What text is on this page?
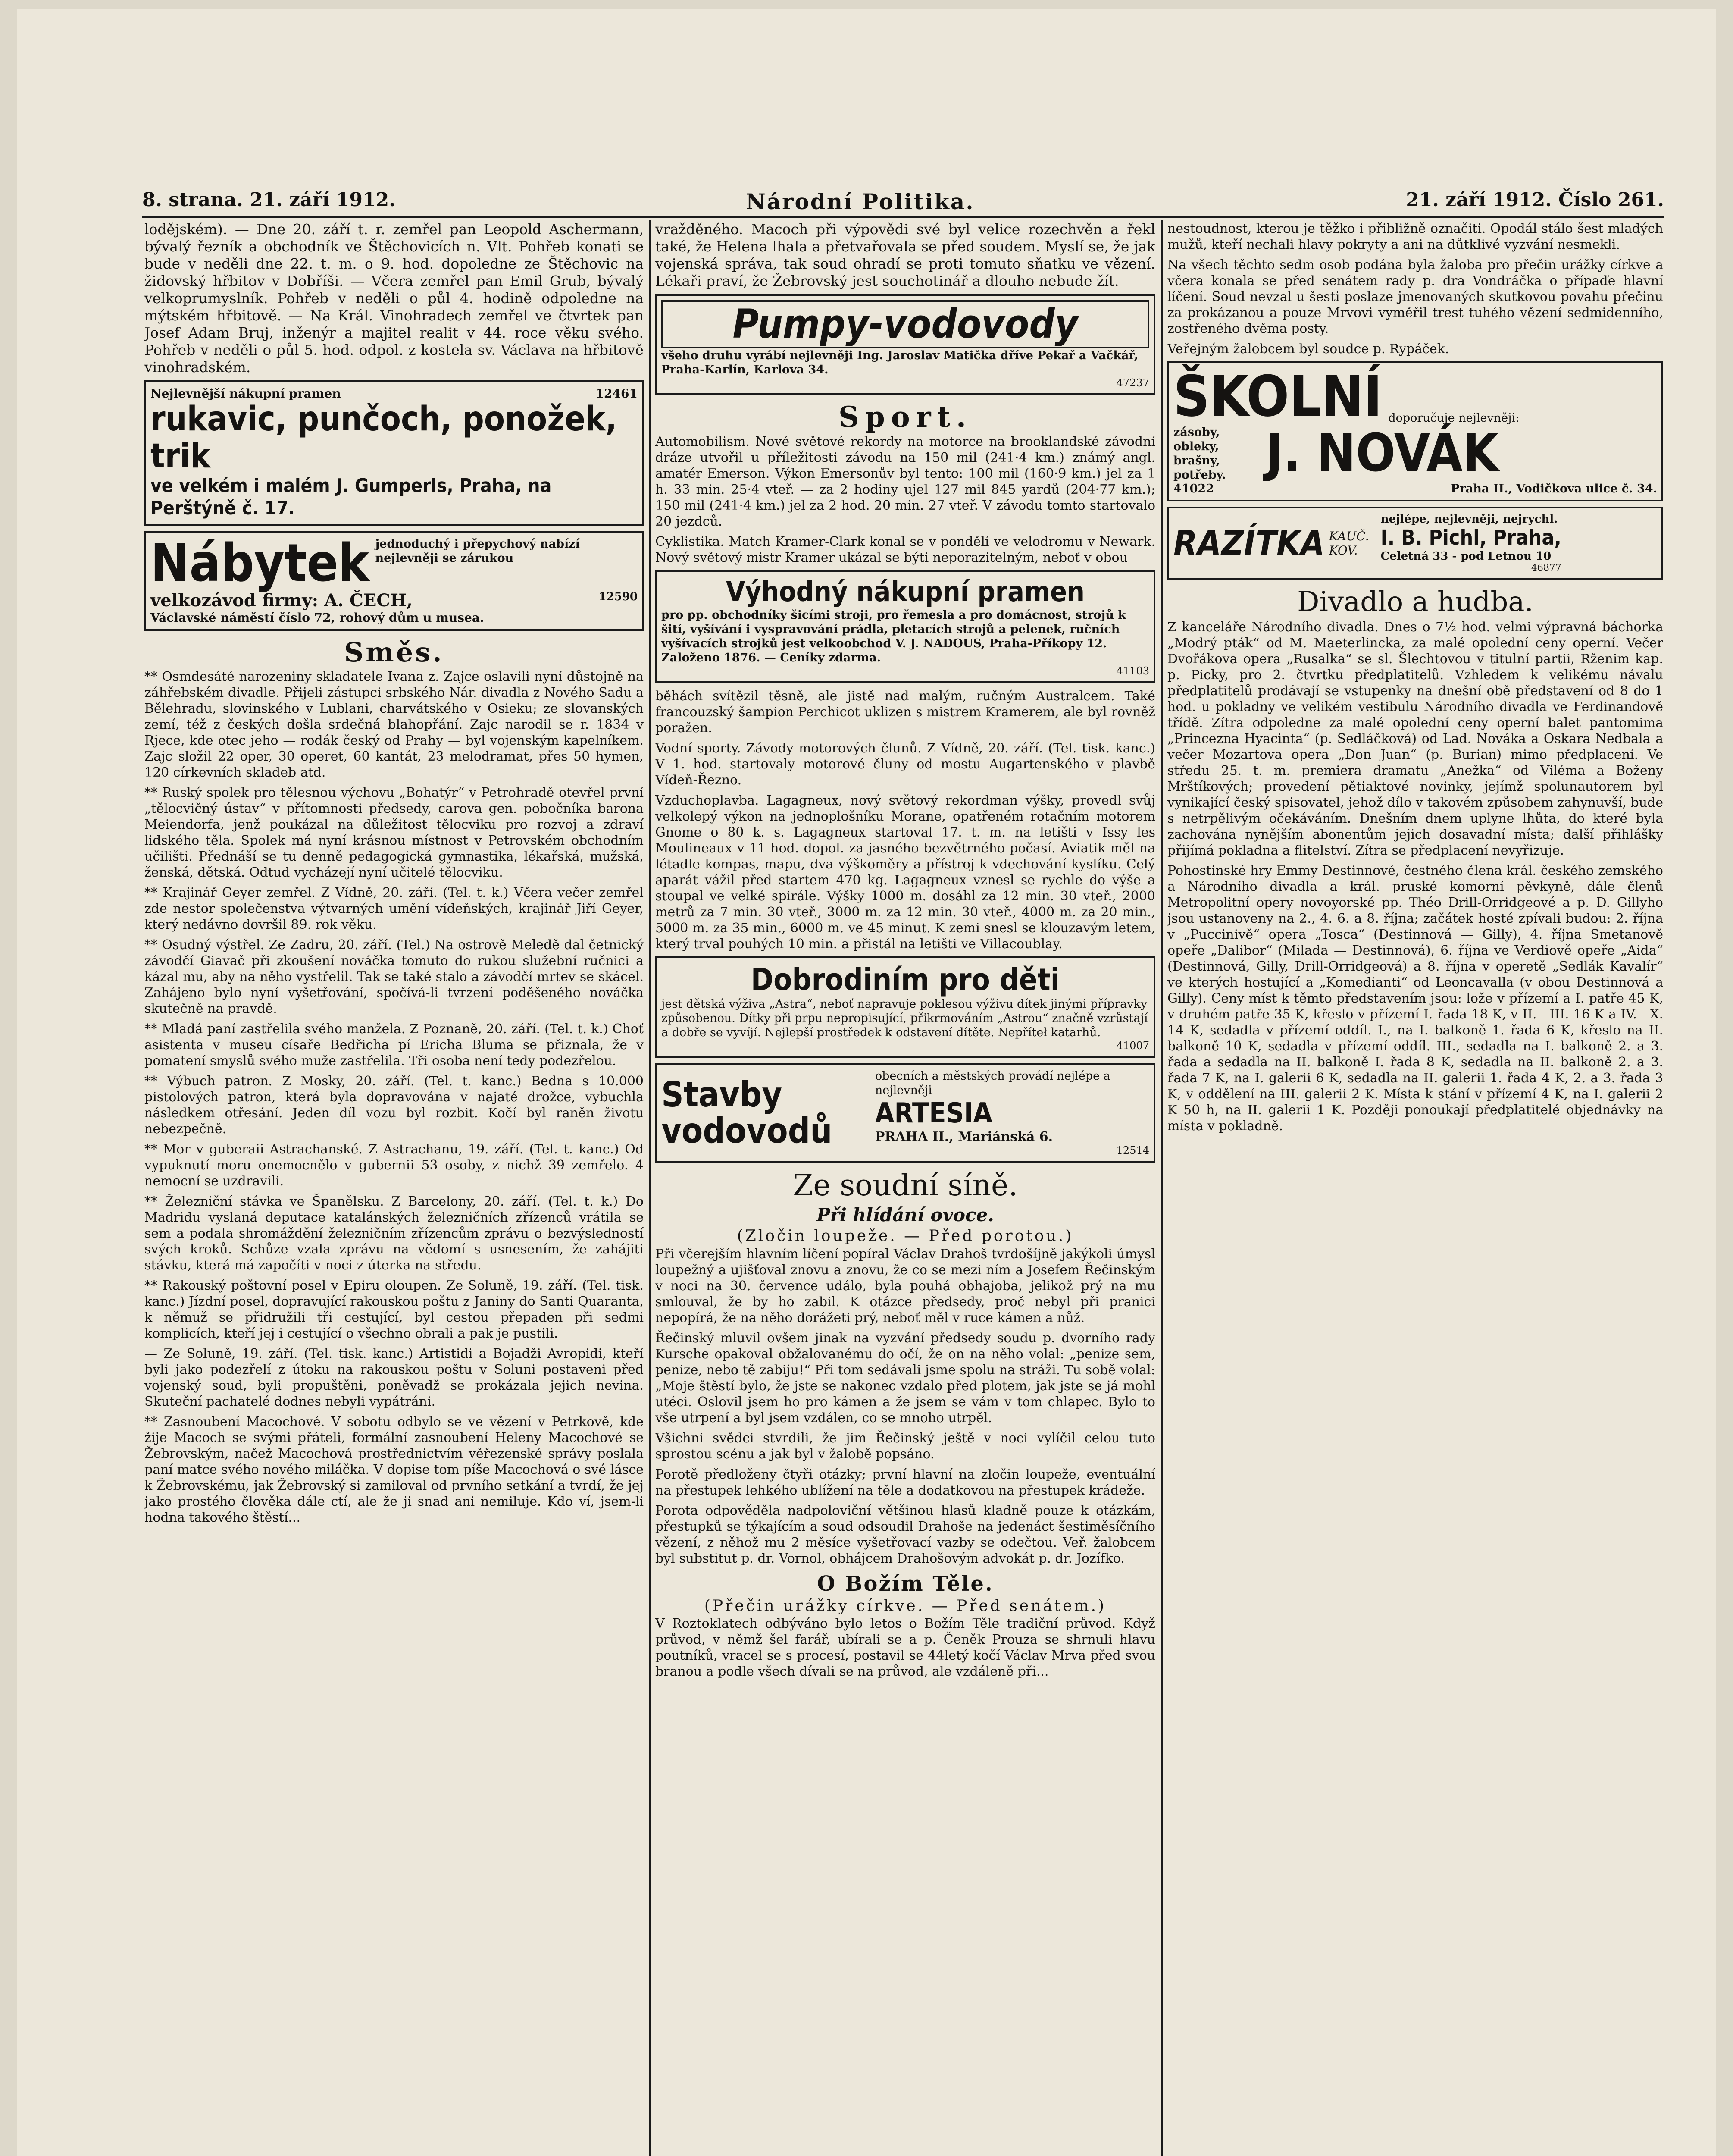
8. strana. 21. září 1912.	Národní Politika.	21. září 1912. Číslo 261.

lodějském). — Dne 20. září t. r. zemřel pan Leopold Aschermann, bývalý řezník a obchodník ve Štěchovicích n. Vlt. Pohřeb konati se bude v neděli dne 22. t. m. o 9. hod. dopoledne ze Štěchovic na židovský hřbitov v Dobříši. — Včera zemřel pan Emil Grub, bývalý velkoprumyslník. Pohřeb v neděli o půl 4. hodině odpoledne na mýtském hřbitově. — Na Král. Vinohradech zemřel ve čtvrtek pan Josef Adam Bruj, inženýr a majitel realit v 44. roce věku svého. Pohřeb v neděli o půl 5. hod. odpol. z kostela sv. Václava na hřbitově vinohradském.

Nejlevnější nákupní pramen	12461
rukavic, punčoch, ponožek, trik
ve velkém i malém J. Gumperls, Praha, na Perštýně č. 17.
Nábytek jednoduchý i přepychový nabízí nejlevněji se zárukou
velkozávod firmy: A. ČECH,	12590
Václavské náměstí číslo 72, rohový dům u musea.
Směs.

** Osmdesáté narozeniny skladatele Ivana z. Zajce oslavili nyní důstojně na záhřebském divadle. Přijeli zástupci srbského Nár. divadla z Nového Sadu a Bělehradu, slovinského v Lublani, charvátského v Osieku; ze slovanských zemí, též z českých došla srdečná blahopřání. Zajc narodil se r. 1834 v Rjece, kde otec jeho — rodák český od Prahy — byl vojenským kapelníkem. Zajc složil 22 oper, 30 operet, 60 kantát, 23 melodramat, přes 50 hymen, 120 církevních skladeb atd.

** Ruský spolek pro tělesnou výchovu „Bohatýr“ v Petrohradě otevřel první „tělocvičný ústav“ v přítomnosti předsedy, carova gen. pobočníka barona Meiendorfa, jenž poukázal na důležitost tělocviku pro rozvoj a zdraví lidského těla. Spolek má nyní krásnou místnost v Petrovském obchodním učilišti. Přednáší se tu denně pedagogická gymnastika, lékařská, mužská, ženská, dětská. Odtud vycházejí nyní učitelé tělocviku.

** Krajinář Geyer zemřel. Z Vídně, 20. září. (Tel. t. k.) Včera večer zemřel zde nestor společenstva výtvarných umění vídeňských, krajinář Jiří Geyer, který nedávno dovršil 89. rok věku.

** Osudný výstřel. Ze Zadru, 20. září. (Tel.) Na ostrově Meledě dal četnický závodčí Giavač při zkoušení nováčka tomuto do rukou služební ručnici a kázal mu, aby na něho vystřelil. Tak se také stalo a závodčí mrtev se skácel. Zahájeno bylo nyní vyšetřování, spočívá-li tvrzení poděšeného nováčka skutečně na pravdě.

** Mladá paní zastřelila svého manžela. Z Poznaně, 20. září. (Tel. t. k.) Choť asistenta v museu císaře Bedřicha pí Ericha Bluma se přiznala, že v pomatení smyslů svého muže zastřelila. Tři osoba není tedy podezřelou.

** Výbuch patron. Z Mosky, 20. září. (Tel. t. kanc.) Bedna s 10.000 pistolových patron, která byla dopravována v najaté drožce, vybuchla následkem otřesání. Jeden díl vozu byl rozbit. Kočí byl raněn životu nebezpečně.

** Mor v guberaii Astrachanské. Z Astrachanu, 19. září. (Tel. t. kanc.) Od vypuknutí moru onemocnělo v gubernii 53 osoby, z nichž 39 zemřelo. 4 nemocní se uzdravili.

** Železniční stávka ve Španělsku. Z Barcelony, 20. září. (Tel. t. k.) Do Madridu vyslaná deputace katalánských železničních zřízenců vrátila se sem a podala shromáždění železničním zřízencům zprávu o bezvýsledností svých kroků. Schůze vzala zprávu na vědomí s usnesením, že zahájiti stávku, která má započíti v noci z úterka na středu.

** Rakouský poštovní posel v Epiru oloupen. Ze Soluně, 19. září. (Tel. tisk. kanc.) Jízdní posel, dopravující rakouskou poštu z Janiny do Santi Quaranta, k němuž se přidružili tři cestující, byl cestou přepaden při sedmi komplicích, kteří jej i cestující o všechno obrali a pak je pustili.

— Ze Soluně, 19. září. (Tel. tisk. kanc.) Artistidi a Bojadži Avropidi, kteří byli jako podezřelí z útoku na rakouskou poštu v Soluni postaveni před vojenský soud, byli propuštěni, poněvadž se prokázala jejich nevina. Skuteční pachatelé dodnes nebyli vypátráni.

** Zasnoubení Macochové. V sobotu odbylo se ve vězení v Petrkově, kde žije Macoch se svými přáteli, formální zasnoubení Heleny Macochové se Žebrovským, načež Macochová prostřednictvím věřezenské správy poslala paní matce svého nového miláčka. V dopise tom píše Macochová o své lásce k Žebrovskému, jak Žebrovský si zamiloval od prvního setkání a tvrdí, že jej jako prostého člověka dále ctí, ale že ji snad ani nemiluje. Kdo ví, jsem-li hodna takového štěstí...

vražděného. Macoch při výpovědi své byl velice rozechvěn a řekl také, že Helena lhala a přetvařovala se před soudem. Myslí se, že jak vojenská správa, tak soud ohradí se proti tomuto sňatku ve vězení. Lékaři praví, že Žebrovský jest souchotinář a dlouho nebude žít.

Pumpy-vodovody
všeho druhu vyrábí nejlevněji Ing. Jaroslav Matička dříve Pekař a Vačkář, Praha-Karlín, Karlova 34.
47237
Sport.

Automobilism. Nové světové rekordy na motorce na brooklandské závodní dráze utvořil u příležitosti závodu na 150 mil (241·4 km.) známý angl. amatér Emerson. Výkon Emersonův byl tento: 100 mil (160·9 km.) jel za 1 h. 33 min. 25·4 vteř. — za 2 hodiny ujel 127 mil 845 yardů (204·77 km.); 150 mil (241·4 km.) jel za 2 hod. 20 min. 27 vteř. V závodu tomto startovalo 20 jezdců.

Cyklistika. Match Kramer-Clark konal se v pondělí ve velodromu v Newark. Nový světový mistr Kramer ukázal se býti neporazitelným, neboť v obou

Výhodný nákupní pramen
pro pp. obchodníky šicími stroji, pro řemesla a pro domácnost, strojů k šití, vyšívání i vyspravování prádla, pletacích strojů a pelenek, ručních vyšívacích strojků jest velkoobchod V. J. NADOUS, Praha-Příkopy 12. Založeno 1876. — Ceníky zdarma.
41103

běhách svítězil těsně, ale jistě nad malým, ručným Australcem. Také francouzský šampion Perchicot uklizen s mistrem Kramerem, ale byl rovněž poražen.

Vodní sporty. Závody motorových člunů. Z Vídně, 20. září. (Tel. tisk. kanc.) V 1. hod. startovaly motorové čluny od mostu Augartenského v plavbě Vídeň-Řezno.

Vzduchoplavba. Lagagneux, nový světový rekordman výšky, provedl svůj velkolepý výkon na jednoplošníku Morane, opatřeném rotačním motorem Gnome o 80 k. s. Lagagneux startoval 17. t. m. na letišti v Issy les Moulineaux v 11 hod. dopol. za jasného bezvětrného počasí. Aviatik měl na létadle kompas, mapu, dva výškoměry a přístroj k vdechování kyslíku. Celý aparát vážil před startem 470 kg. Lagagneux vznesl se rychle do výše a stoupal ve velké spirále. Výšky 1000 m. dosáhl za 12 min. 30 vteř., 2000 metrů za 7 min. 30 vteř., 3000 m. za 12 min. 30 vteř., 4000 m. za 20 min., 5000 m. za 35 min., 6000 m. ve 45 minut. K zemi snesl se klouzavým letem, který trval pouhých 10 min. a přistál na letišti ve Villacoublay.

Dobrodiním pro děti
jest dětská výživa „Astra“, neboť napravuje poklesou výživu dítek jinými přípravky způsobenou. Dítky při prpu nepropisující, přikrmováním „Astrou“ značně vzrůstají a dobře se vyvíjí. Nejlepší prostředek k odstavení dítěte. Nepříteł katarhů.
41007
Stavby vodovodů
obecních a městských provádí nejlépe a nejlevněji
ARTESIA
PRAHA II., Mariánská 6.
12514
Ze soudní síně.
Při hlídání ovoce.
(Zločin loupeže. — Před porotou.)

Při včerejším hlavním líčení popíral Václav Drahoš tvrdošíjně jakýkoli úmysl loupežný a ujišťoval znovu a znovu, že co se mezi ním a Josefem Řečinským v noci na 30. července událo, byla pouhá obhajoba, jelikož prý na mu smlouval, že by ho zabil. K otázce předsedy, proč nebyl při pranici nepopírá, že na něho dorážeti prý, neboť měl v ruce kámen a nůž.

Řečinský mluvil ovšem jinak na vyzvání předsedy soudu p. dvorního rady Kursche opakoval obžalovanému do očí, že on na něho volal: „penize sem, penize, nebo tě zabiju!“ Při tom sedávali jsme spolu na stráži. Tu sobě volal: „Moje štěstí bylo, že jste se nakonec vzdalo před plotem, jak jste se já mohl utéci. Oslovil jsem ho pro kámen a že jsem se vám v tom chlapec. Bylo to vše utrpení a byl jsem vzdálen, co se mnoho utrpěl.

Všichni svědci stvrdili, že jim Řečinský ještě v noci vylíčil celou tuto sprostou scénu a jak byl v žalobě popsáno.

Porotě předloženy čtyři otázky; první hlavní na zločin loupeže, eventuální na přestupek lehkého ublížení na těle a dodatkovou na přestupek krádeže.

Porota odpověděla nadpoloviční většinou hlasů kladně pouze k otázkám, přestupků se týkajícím a soud odsoudil Drahoše na jedenáct šestiměsíčního vězení, z něhož mu 2 měsíce vyšetřovací vazby se odečtou. Veř. žalobcem byl substitut p. dr. Vornol, obhájcem Drahošovým advokát p. dr. Jozífko.

O Božím Těle.
(Přečin urážky církve. — Před senátem.)

V Roztoklatech odbýváno bylo letos o Božím Těle tradiční průvod. Když průvod, v němž šel farář, ubírali se a p. Čeněk Prouza se shrnuli hlavu poutníků, vracel se s procesí, postavil se 44letý kočí Václav Mrva před svou branou a podle všech dívali se na průvod, ale vzdáleně při...

nestoudnost, kterou je těžko i přibližně označiti. Opodál stálo šest mladých mužů, kteří nechali hlavy pokryty a ani na důtklivé vyzvání nesmekli.

Na všech těchto sedm osob podána byla žaloba pro přečin urážky církve a včera konala se před senátem rady p. dra Vondráčka o přípaďe hlavní líčení. Soud nevzal u šesti poslaze jmenovaných skutkovou povahu přečinu za prokázanou a pouze Mrvovi vyměřil trest tuhého vězení sedmidenního, zostřeného dvěma posty.

Veřejným žalobcem byl soudce p. Rypáček.

ŠKOLNÍ doporučuje nejlevněji:
zásoby, obleky, brašny, potřeby. J. NOVÁK
41022	Praha II., Vodičkova ulice č. 34.
RAZÍTKA KAUČ. KOV.
nejlépe, nejlevněji, nejrychl.
I. B. Pichl, Praha,
Celetná 33 - pod Letnou 10
46877
Divadlo a hudba.

Z kanceláře Národního divadla. Dnes o 7½ hod. velmi výpravná báchorka „Modrý pták“ od M. Maeterlincka, za malé opolední ceny operní. Večer Dvořákova opera „Rusalka“ se sl. Šlechtovou v titulní partii, Rženim kap. p. Picky, pro 2. čtvrtku předplatitelů. Vzhledem k velikému návalu předplatitelů prodávají se vstupenky na dnešní obě představení od 8 do 1 hod. u pokladny ve velikém vestibulu Národního divadla ve Ferdinandově třídě. Zítra odpoledne za malé opolední ceny operní balet pantomima „Princezna Hyacinta“ (p. Sedláčková) od Lad. Nováka a Oskara Nedbala a večer Mozartova opera „Don Juan“ (p. Burian) mimo předplacení. Ve středu 25. t. m. premiera dramatu „Anežka“ od Viléma a Boženy Mrštíkových; provedení pětiaktové novinky, jejímž spolunautorem byl vynikající český spisovatel, jehož dílo v takovém způsobem zahynuvší, bude s netrpělivým očekáváním. Dnešním dnem uplyne lhůta, do které byla zachována nynějším abonentům jejich dosavadní místa; další přihlášky přijímá pokladna a flitelství. Zítra se předplacení nevyřizuje.

Pohostinské hry Emmy Destinnové, čestného člena král. českého zemského a Národního divadla a král. pruské komorní pěvkyně, dále členů Metropolitní opery novoyorské pp. Théo Drill-Orridgeové a p. D. Gillyho jsou ustanoveny na 2., 4. 6. a 8. října; začátek hosté zpívali budou: 2. října v „Puccinivě“ opera „Tosca“ (Destinnová — Gilly), 4. října Smetanově opeře „Dalibor“ (Milada — Destinnová), 6. října ve Verdiově opeře „Aida“ (Destinnová, Gilly, Drill-Orridgeová) a 8. října v operetě „Sedlák Kavalír“ ve kterých hostující a „Komedianti“ od Leoncavalla (v obou Destinnová a Gilly). Ceny míst k těmto představením jsou: lože v přízemí a I. patře 45 K, v druhém patře 35 K, křeslo v přízemí I. řada 18 K, v II.—III. 16 K a IV.—X. 14 K, sedadla v přízemí oddíl. I., na I. balkoně 1. řada 6 K, křeslo na II. balkoně 10 K, sedadla v přízemí oddíl. III., sedadla na I. balkoně 2. a 3. řada a sedadla na II. balkoně I. řada 8 K, sedadla na II. balkoně 2. a 3. řada 7 K, na I. galerii 6 K, sedadla na II. galerii 1. řada 4 K, 2. a 3. řada 3 K, v oddělení na III. galerii 2 K. Místa k stání v přízemí 4 K, na I. galerii 2 K 50 h, na II. galerii 1 K. Později ponoukají předplatitelé objednávky na místa v pokladně.
